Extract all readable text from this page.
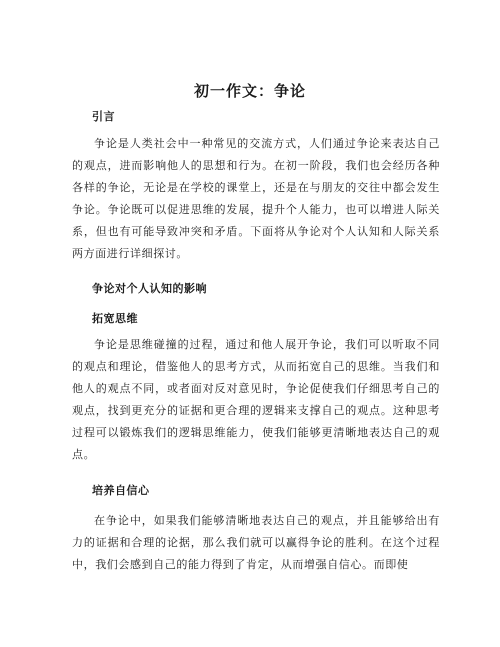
初一作文：争论
引言
争论是人类社会中一种常见的交流方式，人们通过争论来表达自己的观点，进而影响他人的思想和行为。在初一阶段，我们也会经历各种各样的争论，无论是在学校的课堂上，还是在与朋友的交往中都会发生争论。争论既可以促进思维的发展，提升个人能力，也可以增进人际关系，但也有可能导致冲突和矛盾。下面将从争论对个人认知和人际关系两方面进行详细探讨。
争论对个人认知的影响
拓宽思维
争论是思维碰撞的过程，通过和他人展开争论，我们可以听取不同的观点和理论，借鉴他人的思考方式，从而拓宽自己的思维。当我们和他人的观点不同，或者面对反对意见时，争论促使我们仔细思考自己的观点，找到更充分的证据和更合理的逻辑来支撑自己的观点。这种思考过程可以锻炼我们的逻辑思维能力，使我们能够更清晰地表达自己的观点。
培养自信心
在争论中，如果我们能够清晰地表达自己的观点，并且能够给出有力的证据和合理的论据，那么我们就可以赢得争论的胜利。在这个过程中，我们会感到自己的能力得到了肯定，从而增强自信心。而即使
